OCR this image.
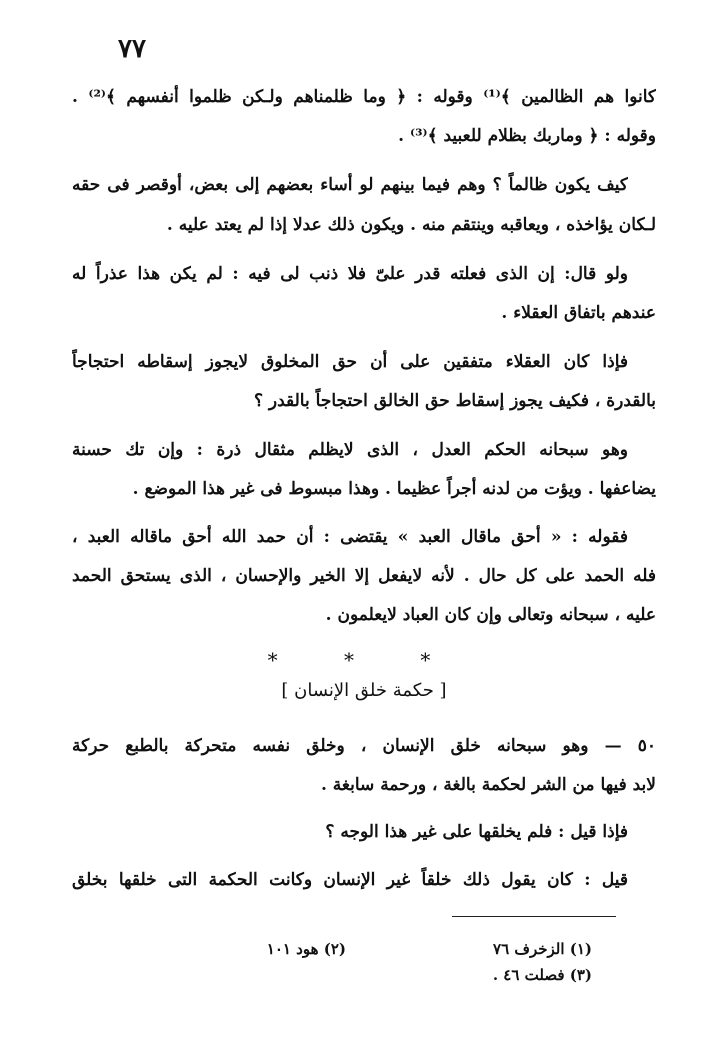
٧٧
كانوا هم الظالمين ﴾⁽¹⁾ وقوله : ﴿ وما ظلمناهم ولـكن ظلموا أنفسهم ﴾⁽²⁾ .
وقوله : ﴿ وماربك بظلام للعبيد ﴾⁽³⁾ .
كيف يكون ظالماً ؟ وهم فيما بينهم لو أساء بعضهم إلى بعض، أوقصر فى حقه
لـكان يؤاخذه ، ويعاقبه وينتقم منه . ويكون ذلك عدلا إذا لم يعتد عليه .
ولو قال: إن الذى فعلته قدر علىّ فلا ذنب لى فيه : لم يكن هذا عذراً له
عندهم باتفاق العقلاء .
فإذا كان العقلاء متفقين على أن حق المخلوق لايجوز إسقاطه احتجاجاً
بالقدرة ، فكيف يجوز إسقاط حق الخالق احتجاجاً بالقدر ؟
وهو سبحانه الحكم العدل ، الذى لايظلم مثقال ذرة : وإن تك حسنة
يضاعفها . ويؤت من لدنه أجراً عظيما . وهذا مبسوط فى غير هذا الموضع .
فقوله : « أحق ماقال العبد » يقتضى : أن حمد الله أحق ماقاله العبد ،
فله الحمد على كل حال . لأنه لايفعل إلا الخير والإحسان ، الذى يستحق الحمد
عليه ، سبحانه وتعالى وإن كان العباد لايعلمون .
* * *
[ حكمة خلق الإنسان ]
٥٠ — وهو سبحانه خلق الإنسان ، وخلق نفسه متحركة بالطبع حركة
لابد فيها من الشر لحكمة بالغة ، ورحمة سابغة .
فإذا قيل : فلم يخلقها على غير هذا الوجه ؟
قيل : كان يقول ذلك خلقاً غير الإنسان وكانت الحكمة التى خلقها بخلق
(١) الزخرف ٧٦
(٢) هود ١٠١
(٣) فصلت ٤٦ .
